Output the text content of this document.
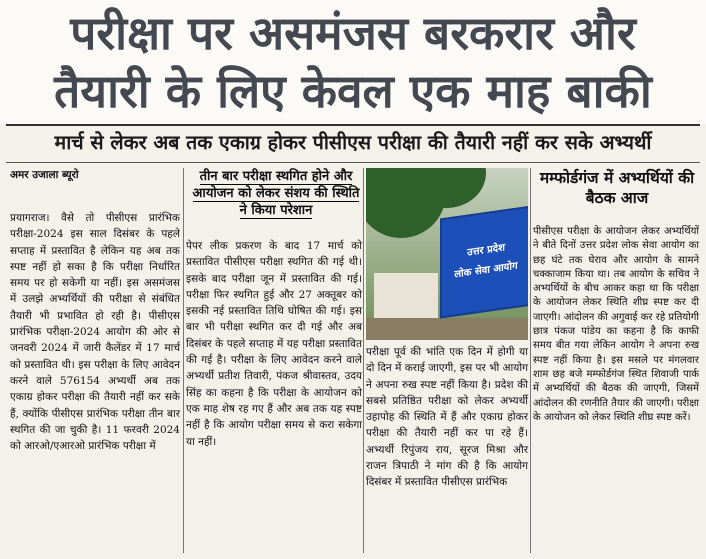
परीक्षा पर असमंजस बरकरार और
तैयारी के लिए केवल एक माह बाकी
मार्च से लेकर अब तक एकाग्र होकर पीसीएस परीक्षा की तैयारी नहीं कर सके अभ्यर्थी
अमर उजाला ब्यूरो	तीन बार परीक्षा स्थगित होने और आयोजन को लेकर संशय की स्थिति ने किया परेशान
मम्फोर्डगंज में अभ्यर्थियों की बैठक आज

प्रयागराज। वैसे तो पीसीएस प्रारंभिक परीक्षा-2024 इस साल दिसंबर के पहले सप्ताह में प्रस्तावित है लेकिन यह अब तक स्पष्ट नहीं हो सका है कि परीक्षा निर्धारित समय पर हो सकेगी या नहीं। इस असमंजस में उलझे अभ्यर्थियों की परीक्षा से संबंधित तैयारी भी प्रभावित हो रही है। पीसीएस प्रारंभिक परीक्षा-2024 आयोग की ओर से जनवरी 2024 में जारी कैलेंडर में 17 मार्च को प्रस्तावित थी। इस परीक्षा के लिए आवेदन करने वाले 576154 अभ्यर्थी अब तक एकाग्र होकर परीक्षा की तैयारी नहीं कर सके हैं, क्योंकि पीसीएस प्रारंभिक परीक्षा तीन बार स्थगित की जा चुकी है। 11 फरवरी 2024 को आरओ/एआरओ प्रारंभिक परीक्षा में

पेपर लीक प्रकरण के बाद 17 मार्च को प्रस्तावित पीसीएस परीक्षा स्थगित की गई थी। इसके बाद परीक्षा जून में प्रस्तावित की गई। परीक्षा फिर स्थगित हुई और 27 अक्तूबर को इसकी नई प्रस्तावित तिथि घोषित की गई। इस बार भी परीक्षा स्थगित कर दी गई और अब दिसंबर के पहले सप्ताह में यह परीक्षा प्रस्तावित की गई है। परीक्षा के लिए आवेदन करने वाले अभ्यर्थी प्रतीश तिवारी, पंकज श्रीवास्तव, उदय सिंह का कहना है कि परीक्षा के आयोजन को एक माह शेष रह गए हैं और अब तक यह स्पष्ट नहीं है कि आयोग परीक्षा समय से करा सकेगा या नहीं।

उत्तर प्रदेश
लोक सेवा आयोग

परीक्षा पूर्व की भांति एक दिन में होगी या दो दिन में कराई जाएगी, इस पर भी आयोग ने अपना रुख स्पष्ट नहीं किया है। प्रदेश की सबसे प्रतिष्ठित परीक्षा को लेकर अभ्यर्थी उहापोह की स्थिति में हैं और एकाग्र होकर परीक्षा की तैयारी नहीं कर पा रहे हैं। अभ्यर्थी रिपुंजय राय, सूरज मिश्रा और राजन त्रिपाठी ने मांग की है कि आयोग दिसंबर में प्रस्तावित पीसीएस प्रारंभिक

पीसीएस परीक्षा के आयोजन लेकर अभ्यर्थियों ने बीते दिनों उत्तर प्रदेश लोक सेवा आयोग का छह घंटे तक घेराव और आयोग के सामने चक्काजाम किया था। तब आयोग के सचिव ने अभ्यर्थियों के बीच आकर कहा था कि परीक्षा के आयोजन लेकर स्थिति शीघ्र स्पष्ट कर दी जाएगी। आंदोलन की अगुवाई कर रहे प्रतियोगी छात्र पंकज पांडेय का कहना है कि काफी समय बीत गया लेकिन आयोग ने अपना रुख स्पष्ट नहीं किया है। इस मसले पर मंगलवार शाम छह बजे मम्फोर्डगंज स्थित शिवाजी पार्क में अभ्यर्थियों की बैठक की जाएगी, जिसमें आंदोलन की रणनीति तैयार की जाएगी। परीक्षा के आयोजन को लेकर स्थिति शीघ्र स्पष्ट करें।
